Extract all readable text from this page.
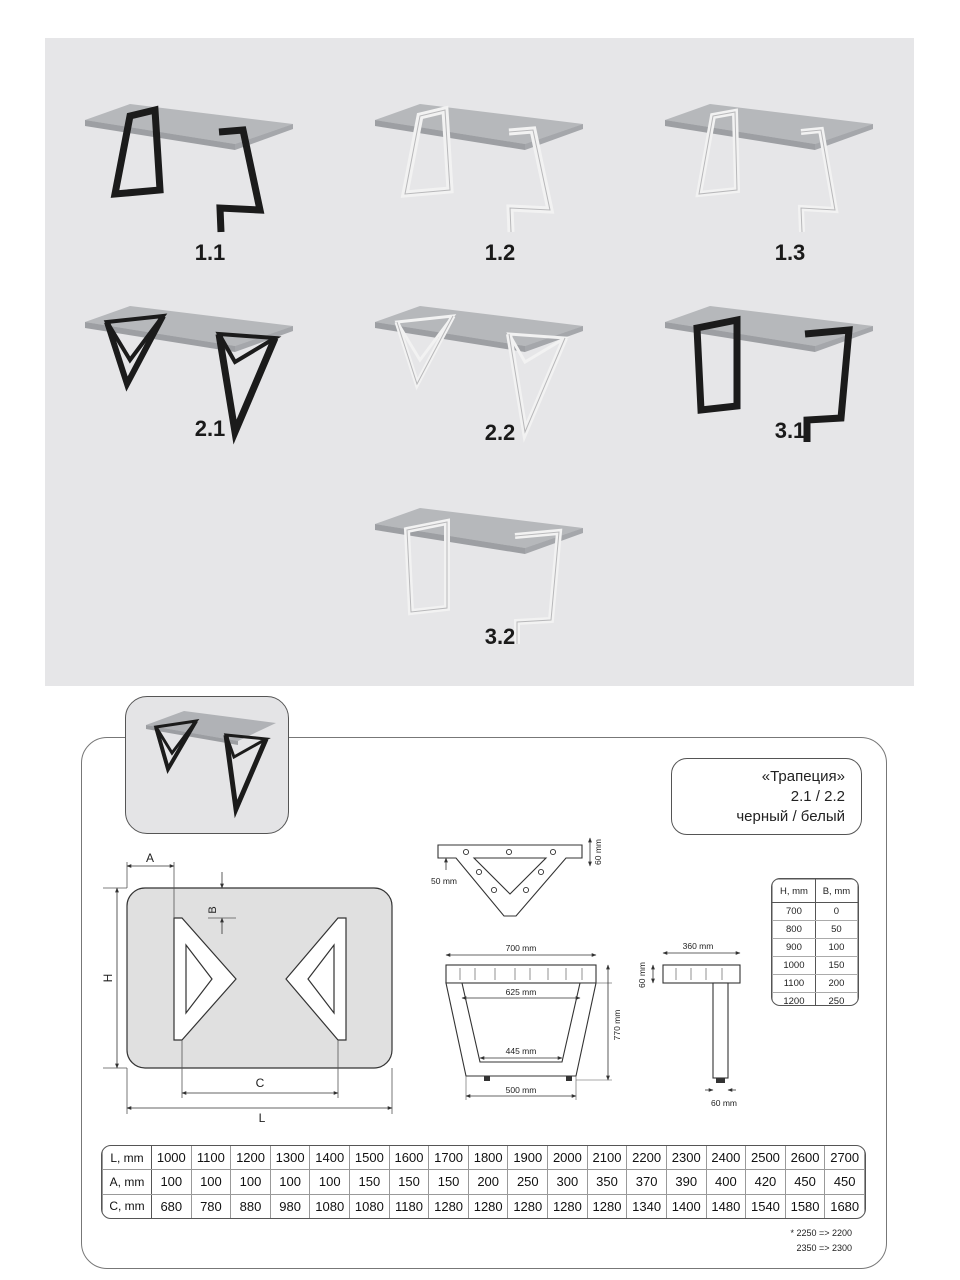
1.1	1.2	1.3
2.1	2.2	3.1
3.2
«Трапеция»
2.1 / 2.2
черный / белый
A
B
H
C
L
60 mm
50 mm
700 mm
625 mm
445 mm
500 mm
770 mm
360 mm
60 mm
60 mm
H, mm	B, mm
700	0
800	50
900	100
1000	150
1100	200
1200	250
L, mm	1000	1100	1200	1300	1400	1500	1600	1700	1800	1900	2000	2100	2200	2300	2400	2500	2600	2700
A, mm	100	100	100	100	100	150	150	150	200	250	300	350	370	390	400	420	450	450
C, mm	680	780	880	980	1080	1080	1180	1280	1280	1280	1280	1280	1340	1400	1480	1540	1580	1680
* 2250 => 2200
2350 => 2300
